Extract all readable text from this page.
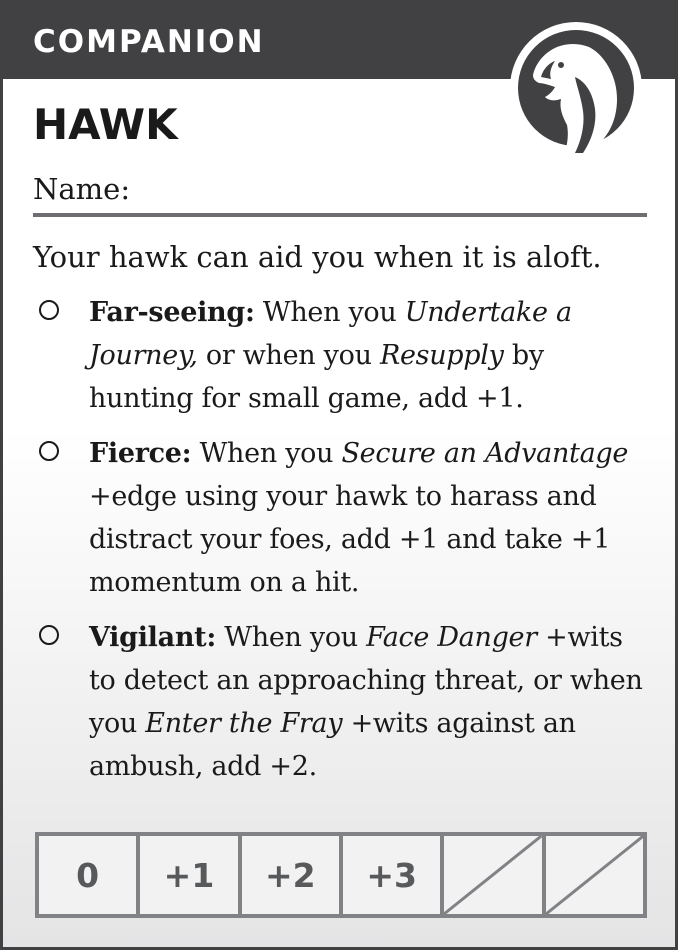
COMPANION
HAWK
Name:
Your hawk can aid you when it is aloft.
Far-seeing: When you Undertake a Journey, or when you Resupply by hunting for small game, add +1.
Fierce: When you Secure an Advantage +edge using your hawk to harass and distract your foes, add +1 and take +1 momentum on a hit.
Vigilant: When you Face Danger +wits to detect an approaching threat, or when you Enter the Fray +wits against an ambush, add +2.
0	+1	+2	+3
